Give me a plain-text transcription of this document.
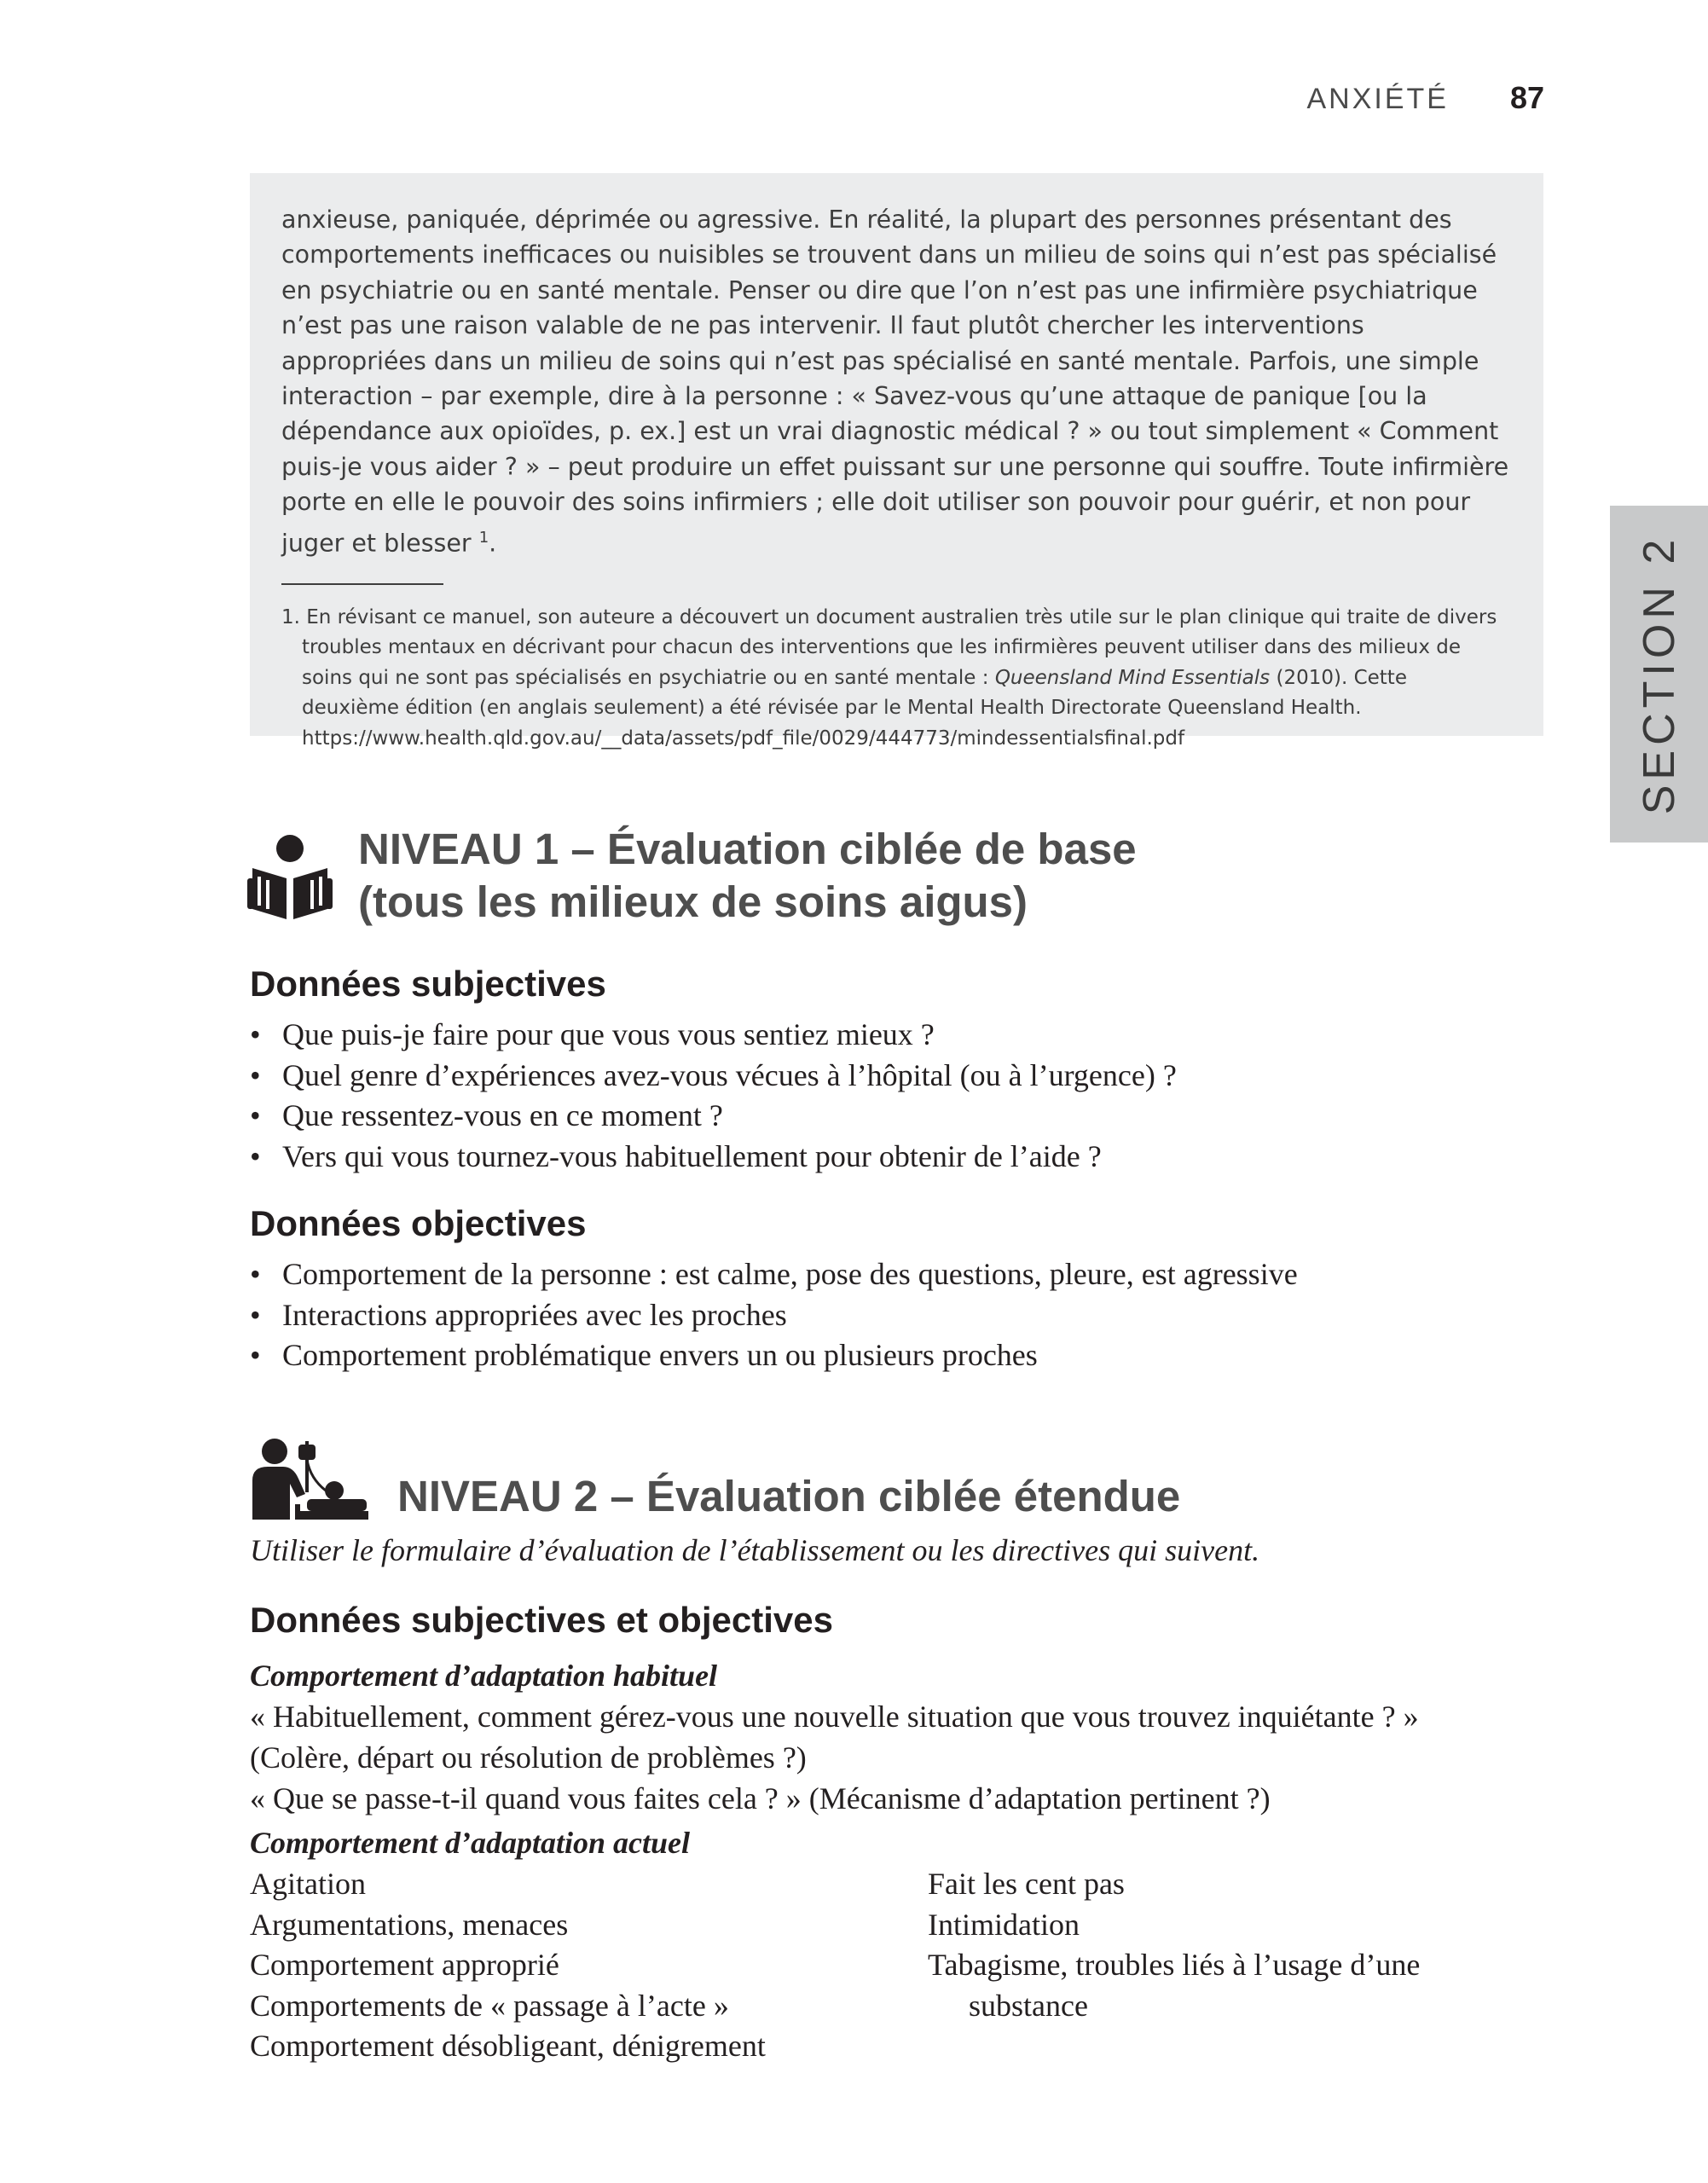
ANXIÉTÉ 87
SECTION 2

anxieuse, paniquée, déprimée ou agressive. En réalité, la plupart des personnes présentant des comportements inefficaces ou nuisibles se trouvent dans un milieu de soins qui n’est pas spécialisé en psychiatrie ou en santé mentale. Penser ou dire que l’on n’est pas une infirmière psychiatrique n’est pas une raison valable de ne pas intervenir. Il faut plutôt chercher les interventions appropriées dans un milieu de soins qui n’est pas spécialisé en santé mentale. Parfois, une simple interaction – par exemple, dire à la personne : « Savez-vous qu’une attaque de panique [ou la dépendance aux opioïdes, p. ex.] est un vrai diagnostic médical ? » ou tout simplement « Comment puis-je vous aider ? » – peut produire un effet puissant sur une personne qui souffre. Toute infirmière porte en elle le pouvoir des soins infirmiers ; elle doit utiliser son pouvoir pour guérir, et non pour juger et blesser $^1$.

1. En révisant ce manuel, son auteure a découvert un document australien très utile sur le plan clinique qui traite de divers troubles mentaux en décrivant pour chacun des interventions que les infirmières peuvent utiliser dans des milieux de soins qui ne sont pas spécialisés en psychiatrie ou en santé mentale : Queensland Mind Essentials (2010). Cette deuxième édition (en anglais seulement) a été révisée par le Mental Health Directorate Queensland Health. https://www.health.qld.gov.au/__data/assets/pdf_file/0029/444773/mindessentialsfinal.pdf

NIVEAU 1 – Évaluation ciblée de base
(tous les milieux de soins aigus)
Données subjectives
• Que puis-je faire pour que vous vous sentiez mieux ?
• Quel genre d’expériences avez-vous vécues à l’hôpital (ou à l’urgence) ?
• Que ressentez-vous en ce moment ?
• Vers qui vous tournez-vous habituellement pour obtenir de l’aide ?
Données objectives
• Comportement de la personne : est calme, pose des questions, pleure, est agressive
• Interactions appropriées avec les proches
• Comportement problématique envers un ou plusieurs proches
NIVEAU 2 – Évaluation ciblée étendue

Utiliser le formulaire d’évaluation de l’établissement ou les directives qui suivent.

Données subjectives et objectives

Comportement d’adaptation habituel

« Habituellement, comment gérez-vous une nouvelle situation que vous trouvez inquiétante ? »

(Colère, départ ou résolution de problèmes ?)

« Que se passe-t-il quand vous faites cela ? » (Mécanisme d’adaptation pertinent ?)

Comportement d’adaptation actuel

Agitation
Argumentations, menaces
Comportement approprié
Comportements de « passage à l’acte »
Comportement désobligeant, dénigrement
Fait les cent pas
Intimidation
Tabagisme, troubles liés à l’usage d’une
substance
